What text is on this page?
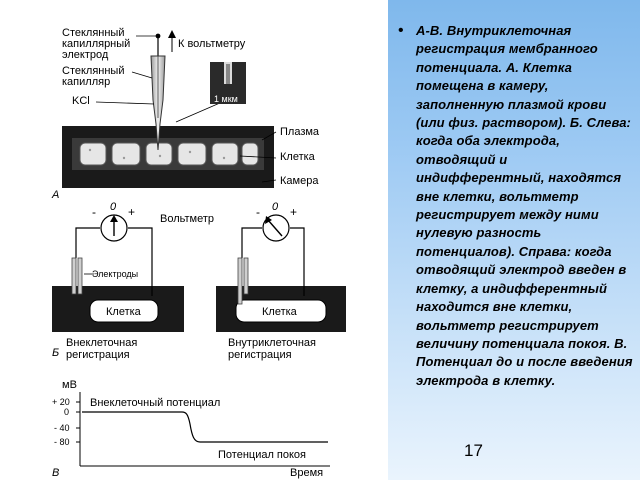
Стеклянный
капиллярный
электрод
К вольтметру
Стеклянный
капилляр
KCl	1 мкм
Плазма
Клетка
Камера
А
- 0 + Вольтметр	- 0 +
Электроды
Клетка	Клетка
Внеклеточная
регистрация
Внутриклеточная
регистрация
Б
мВ
+ 20
0
- 40
- 80
Внеклеточный потенциал
Потенциал покоя
Время
В
• А-В. Внутриклеточная регистрация мембранного потенциала. А. Клетка помещена в камеру, заполненную плазмой крови (или физ. раствором). Б. Слева: когда оба электрода, отводящий и индифферентный, находятся вне клетки, вольтметр регистрирует между ними нулевую разность потенциалов). Справа: когда отводящий электрод введен в клетку, а индифферентный находится вне клетки, вольтметр регистрирует величину потенциала покоя. В. Потенциал до и после введения электрода в клетку.
17
